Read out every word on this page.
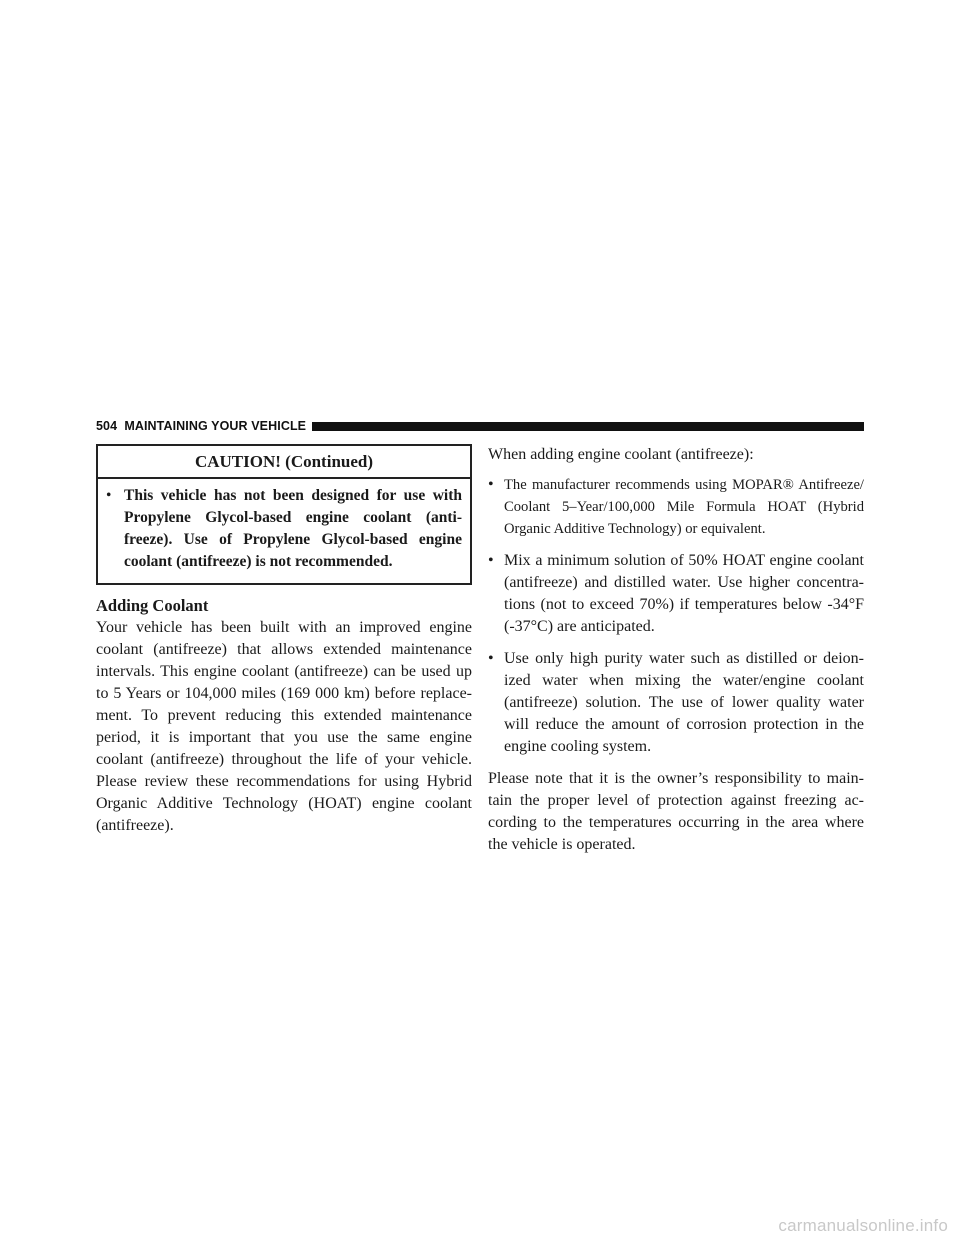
504 MAINTAINING YOUR VEHICLE
CAUTION! (Continued)
• This vehicle has not been designed for use with Propylene Glycol-based engine coolant (anti-freeze). Use of Propylene Glycol-based engine coolant (antifreeze) is not recommended.
Adding Coolant

Your vehicle has been built with an improved engine coolant (antifreeze) that allows extended maintenance intervals. This engine coolant (antifreeze) can be used up to 5 Years or 104,000 miles (169 000 km) before replace-ment. To prevent reducing this extended maintenance period, it is important that you use the same engine coolant (antifreeze) throughout the life of your vehicle. Please review these recommendations for using Hybrid Organic Additive Technology (HOAT) engine coolant (antifreeze).

When adding engine coolant (antifreeze):

• The manufacturer recommends using MOPAR® Antifreeze/ Coolant 5–Year/100,000 Mile Formula HOAT (Hybrid Organic Additive Technology) or equivalent.
• Mix a minimum solution of 50% HOAT engine coolant (antifreeze) and distilled water. Use higher concentra-tions (not to exceed 70%) if temperatures below -34°F (-37°C) are anticipated.
• Use only high purity water such as distilled or deion-ized water when mixing the water/engine coolant (antifreeze) solution. The use of lower quality water will reduce the amount of corrosion protection in the engine cooling system.

Please note that it is the owner’s responsibility to main-tain the proper level of protection against freezing ac-cording to the temperatures occurring in the area where the vehicle is operated.

carmanualsonline.info
